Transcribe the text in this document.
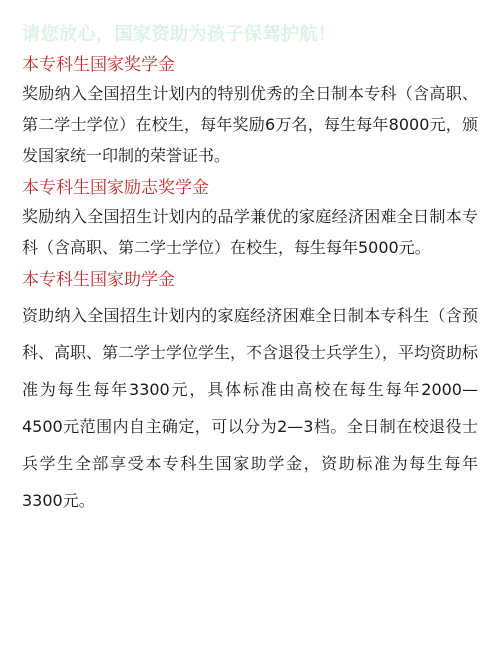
请您放心，国家资助为孩子保驾护航！
本专科生国家奖学金

奖励纳入全国招生计划内的特别优秀的全日制本专科（含高职、第二学士学位）在校生，每年奖励6万名，每生每年8000元，颁发国家统一印制的荣誉证书。

本专科生国家励志奖学金

奖励纳入全国招生计划内的品学兼优的家庭经济困难全日制本专科（含高职、第二学士学位）在校生，每生每年5000元。

本专科生国家助学金

资助纳入全国招生计划内的家庭经济困难全日制本专科生（含预科、高职、第二学士学位学生，不含退役士兵学生），平均资助标准为每生每年3300元，具体标准由高校在每生每年2000—4500元范围内自主确定，可以分为2—3档。全日制在校退役士兵学生全部享受本专科生国家助学金，资助标准为每生每年3300元。
